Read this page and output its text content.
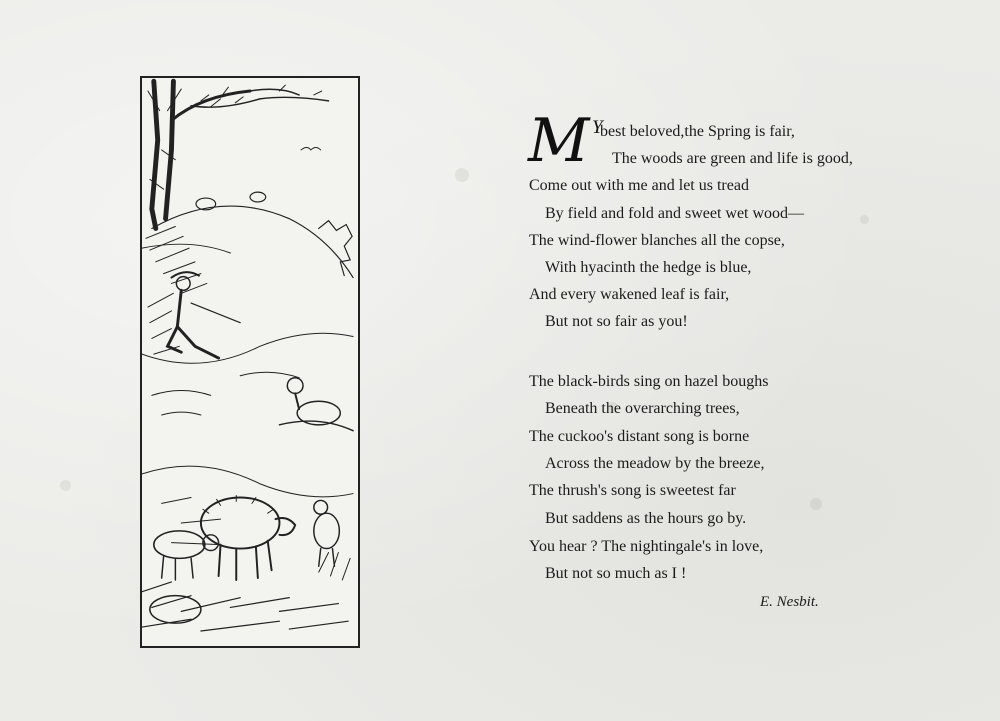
M Y
best beloved,the Spring is fair,
The woods are green and life is good,
Come out with me and let us tread
By field and fold and sweet wet wood—
The wind-flower blanches all the copse,
With hyacinth the hedge is blue,
And every wakened leaf is fair,
But not so fair as you!
The black-birds sing on hazel boughs
Beneath the overarching trees,
The cuckoo's distant song is borne
Across the meadow by the breeze,
The thrush's song is sweetest far
But saddens as the hours go by.
You hear ? The nightingale's in love,
But not so much as I !
E. Nesbit.
